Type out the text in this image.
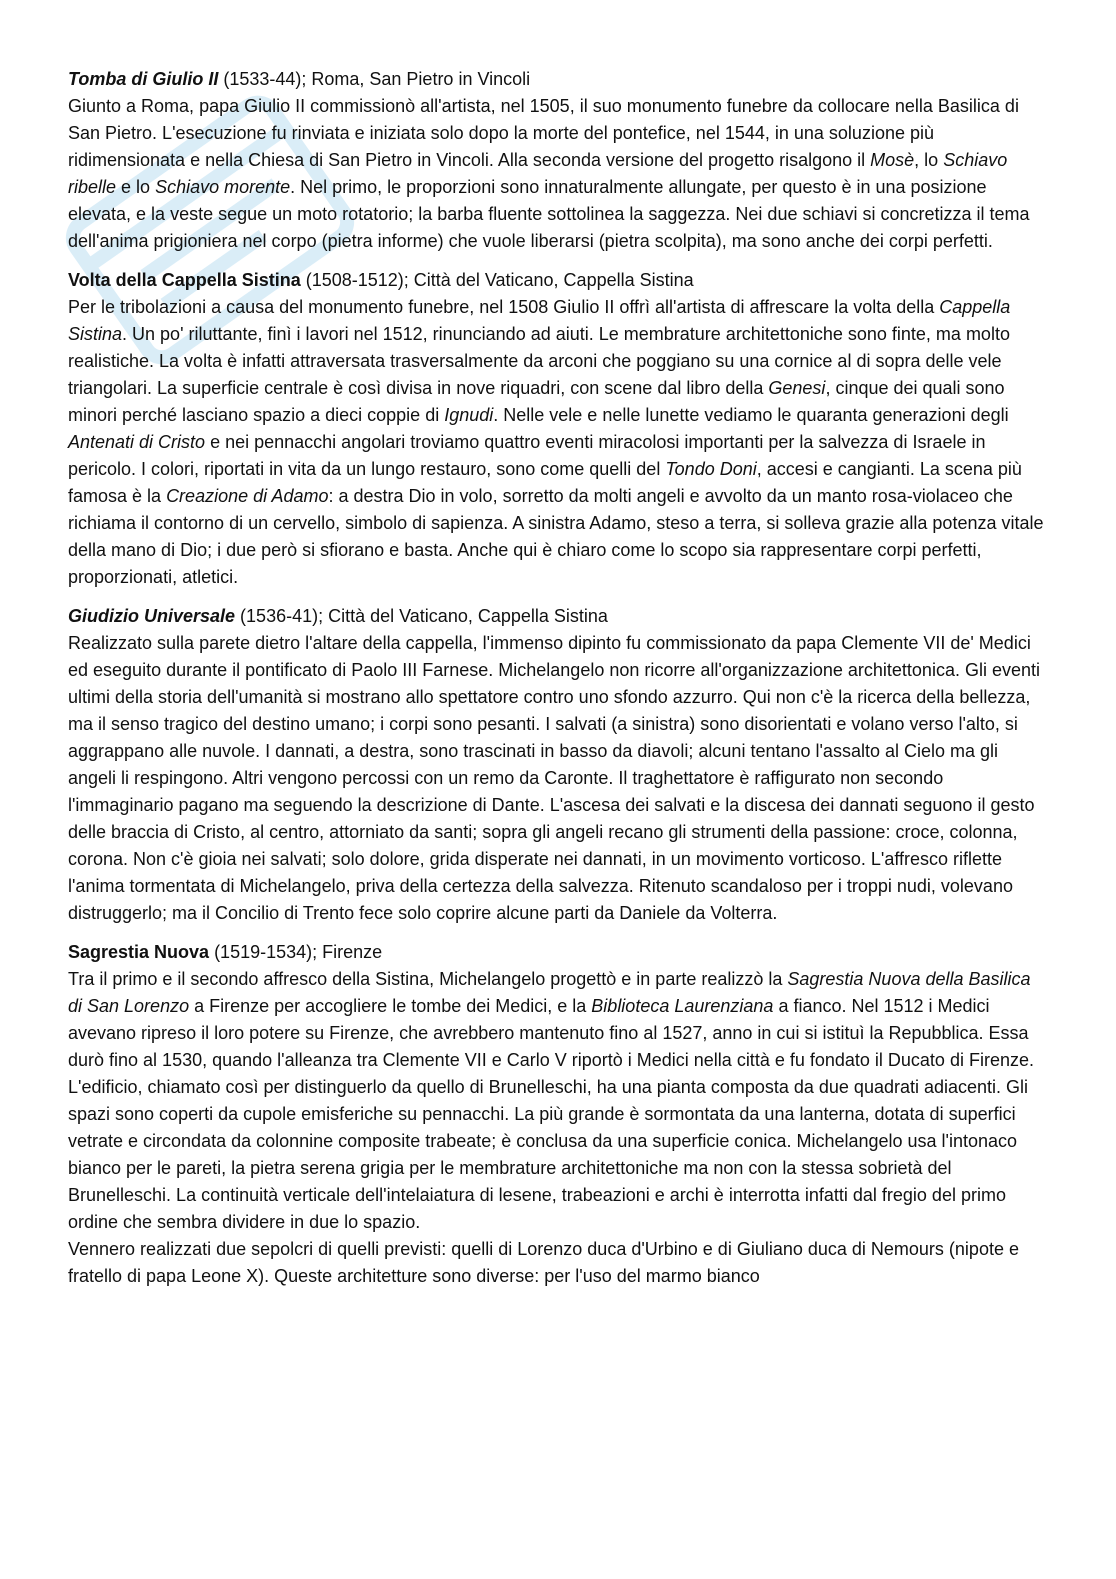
Tomba di Giulio II (1533-44); Roma, San Pietro in Vincoli

Giunto a Roma, papa Giulio II commissionò all'artista, nel 1505, il suo monumento funebre da collocare nella Basilica di San Pietro. L'esecuzione fu rinviata e iniziata solo dopo la morte del pontefice, nel 1544, in una soluzione più ridimensionata e nella Chiesa di San Pietro in Vincoli. Alla seconda versione del progetto risalgono il Mosè, lo Schiavo ribelle e lo Schiavo morente. Nel primo, le proporzioni sono innaturalmente allungate, per questo è in una posizione elevata, e la veste segue un moto rotatorio; la barba fluente sottolinea la saggezza. Nei due schiavi si concretizza il tema dell'anima prigioniera nel corpo (pietra informe) che vuole liberarsi (pietra scolpita), ma sono anche dei corpi perfetti.

Volta della Cappella Sistina (1508-1512); Città del Vaticano, Cappella Sistina

Per le tribolazioni a causa del monumento funebre, nel 1508 Giulio II offrì all'artista di affrescare la volta della Cappella Sistina. Un po' riluttante, finì i lavori nel 1512, rinunciando ad aiuti. Le membrature architettoniche sono finte, ma molto realistiche. La volta è infatti attraversata trasversalmente da arconi che poggiano su una cornice al di sopra delle vele triangolari. La superficie centrale è così divisa in nove riquadri, con scene dal libro della Genesi, cinque dei quali sono minori perché lasciano spazio a dieci coppie di Ignudi. Nelle vele e nelle lunette vediamo le quaranta generazioni degli Antenati di Cristo e nei pennacchi angolari troviamo quattro eventi miracolosi importanti per la salvezza di Israele in pericolo. I colori, riportati in vita da un lungo restauro, sono come quelli del Tondo Doni, accesi e cangianti. La scena più famosa è la Creazione di Adamo: a destra Dio in volo, sorretto da molti angeli e avvolto da un manto rosa-violaceo che richiama il contorno di un cervello, simbolo di sapienza. A sinistra Adamo, steso a terra, si solleva grazie alla potenza vitale della mano di Dio; i due però si sfiorano e basta. Anche qui è chiaro come lo scopo sia rappresentare corpi perfetti, proporzionati, atletici.

Giudizio Universale (1536-41); Città del Vaticano, Cappella Sistina

Realizzato sulla parete dietro l'altare della cappella, l'immenso dipinto fu commissionato da papa Clemente VII de' Medici ed eseguito durante il pontificato di Paolo III Farnese. Michelangelo non ricorre all'organizzazione architettonica. Gli eventi ultimi della storia dell'umanità si mostrano allo spettatore contro uno sfondo azzurro. Qui non c'è la ricerca della bellezza, ma il senso tragico del destino umano; i corpi sono pesanti. I salvati (a sinistra) sono disorientati e volano verso l'alto, si aggrappano alle nuvole. I dannati, a destra, sono trascinati in basso da diavoli; alcuni tentano l'assalto al Cielo ma gli angeli li respingono. Altri vengono percossi con un remo da Caronte. Il traghettatore è raffigurato non secondo l'immaginario pagano ma seguendo la descrizione di Dante. L'ascesa dei salvati e la discesa dei dannati seguono il gesto delle braccia di Cristo, al centro, attorniato da santi; sopra gli angeli recano gli strumenti della passione: croce, colonna, corona. Non c'è gioia nei salvati; solo dolore, grida disperate nei dannati, in un movimento vorticoso. L'affresco riflette l'anima tormentata di Michelangelo, priva della certezza della salvezza. Ritenuto scandaloso per i troppi nudi, volevano distruggerlo; ma il Concilio di Trento fece solo coprire alcune parti da Daniele da Volterra.

Sagrestia Nuova (1519-1534); Firenze

Tra il primo e il secondo affresco della Sistina, Michelangelo progettò e in parte realizzò la Sagrestia Nuova della Basilica di San Lorenzo a Firenze per accogliere le tombe dei Medici, e la Biblioteca Laurenziana a fianco. Nel 1512 i Medici avevano ripreso il loro potere su Firenze, che avrebbero mantenuto fino al 1527, anno in cui si istituì la Repubblica. Essa durò fino al 1530, quando l'alleanza tra Clemente VII e Carlo V riportò i Medici nella città e fu fondato il Ducato di Firenze.

L'edificio, chiamato così per distinguerlo da quello di Brunelleschi, ha una pianta composta da due quadrati adiacenti. Gli spazi sono coperti da cupole emisferiche su pennacchi. La più grande è sormontata da una lanterna, dotata di superfici vetrate e circondata da colonnine composite trabeate; è conclusa da una superficie conica. Michelangelo usa l'intonaco bianco per le pareti, la pietra serena grigia per le membrature architettoniche ma non con la stessa sobrietà del Brunelleschi. La continuità verticale dell'intelaiatura di lesene, trabeazioni e archi è interrotta infatti dal fregio del primo ordine che sembra dividere in due lo spazio.

Vennero realizzati due sepolcri di quelli previsti: quelli di Lorenzo duca d'Urbino e di Giuliano duca di Nemours (nipote e fratello di papa Leone X). Queste architetture sono diverse: per l'uso del marmo bianco
